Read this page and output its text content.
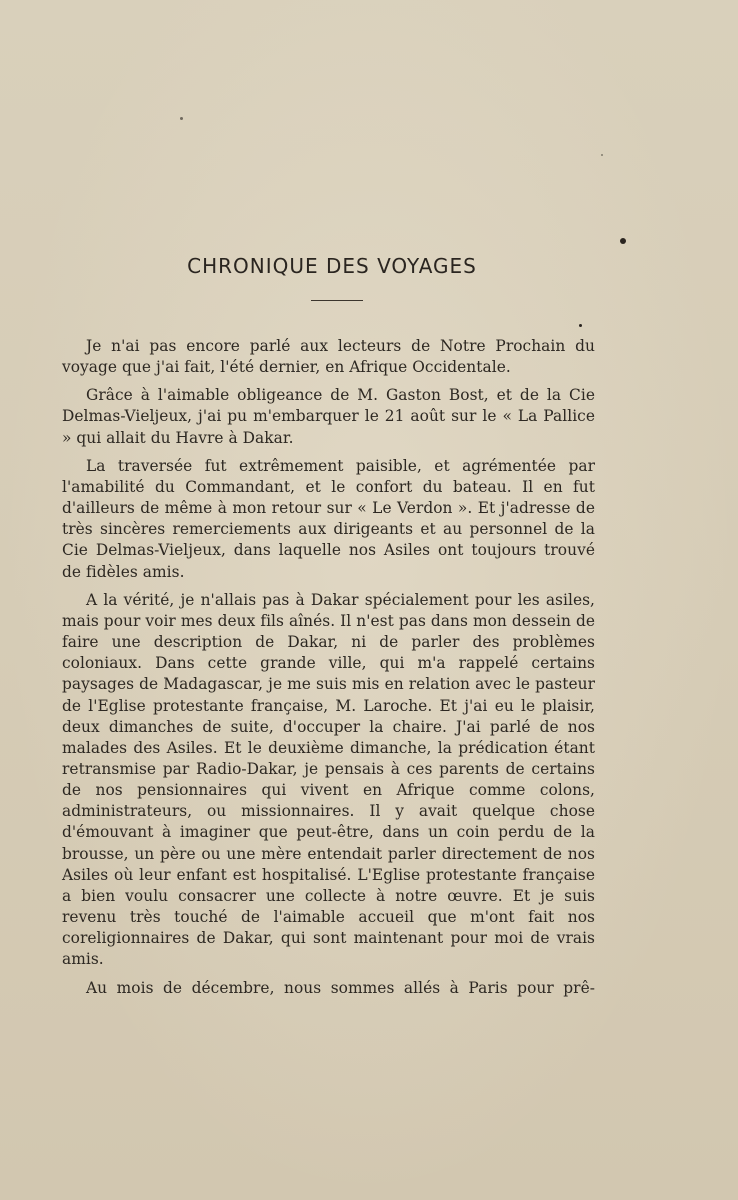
CHRONIQUE DES VOYAGES

Je n'ai pas encore parlé aux lecteurs de Notre Prochain du voyage que j'ai fait, l'été dernier, en Afrique Occidentale.

Grâce à l'aimable obligeance de M. Gaston Bost, et de la Cie Delmas-Vieljeux, j'ai pu m'embarquer le 21 août sur le « La Pallice » qui allait du Havre à Dakar.

La traversée fut extrêmement paisible, et agrémentée par l'amabilité du Commandant, et le confort du bateau. Il en fut d'ailleurs de même à mon retour sur « Le Verdon ». Et j'adresse de très sincères remerciements aux dirigeants et au personnel de la Cie Delmas-Vieljeux, dans laquelle nos Asiles ont toujours trouvé de fidèles amis.

A la vérité, je n'allais pas à Dakar spécialement pour les asiles, mais pour voir mes deux fils aînés. Il n'est pas dans mon dessein de faire une description de Dakar, ni de parler des problèmes coloniaux. Dans cette grande ville, qui m'a rappelé certains paysages de Madagascar, je me suis mis en relation avec le pasteur de l'Eglise protestante française, M. Laroche. Et j'ai eu le plaisir, deux dimanches de suite, d'occuper la chaire. J'ai parlé de nos malades des Asiles. Et le deuxième dimanche, la prédication étant retransmise par Radio-Dakar, je pensais à ces parents de certains de nos pensionnaires qui vivent en Afrique comme colons, administrateurs, ou missionnaires. Il y avait quelque chose d'émouvant à imaginer que peut-être, dans un coin perdu de la brousse, un père ou une mère entendait parler directement de nos Asiles où leur enfant est hospitalisé. L'Eglise protestante française a bien voulu consacrer une collecte à notre œuvre. Et je suis revenu très touché de l'aimable accueil que m'ont fait nos coreligionnaires de Dakar, qui sont maintenant pour moi de vrais amis.

Au mois de décembre, nous sommes allés à Paris pour prê-
